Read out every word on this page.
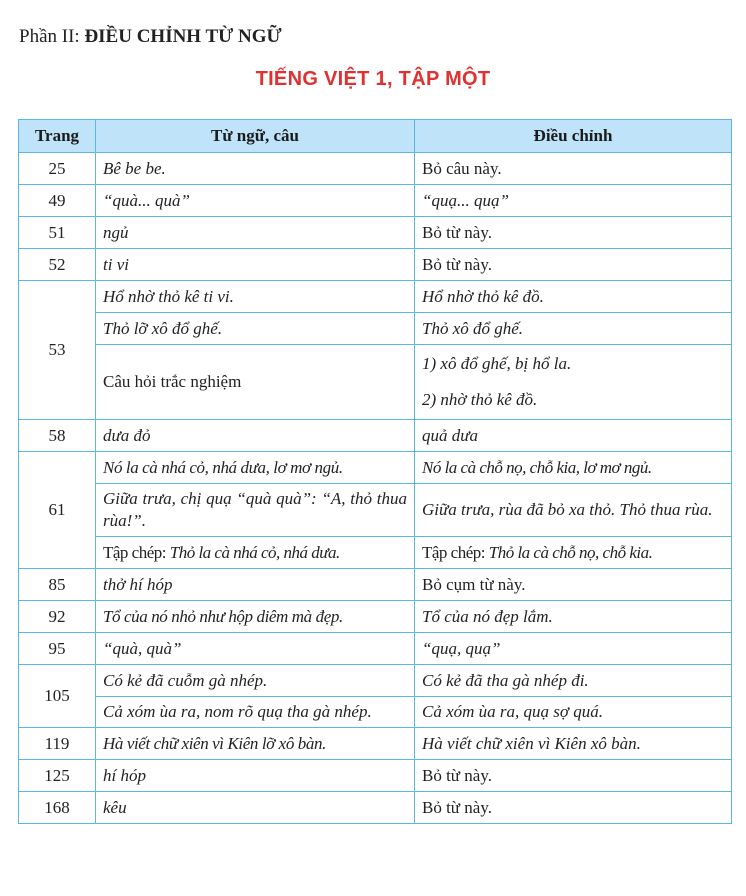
Phần II: ĐIỀU CHỈNH TỪ NGỮ
TIẾNG VIỆT 1, TẬP MỘT
Trang	Từ ngữ, câu	Điều chỉnh
25	Bê be be.	Bỏ câu này.
49	“quà... quà”	“quạ... quạ”
51	ngủ	Bỏ từ này.
52	ti vi	Bỏ từ này.
53	Hổ nhờ thỏ kê ti vi.	Hổ nhờ thỏ kê đồ.
	Thỏ lỡ xô đổ ghế.	Thỏ xô đổ ghế.
	Câu hỏi trắc nghiệm	1) xô đổ ghế, bị hổ la.
2) nhờ thỏ kê đồ.

58	dưa đỏ	quả dưa
61	Nó la cà nhá cỏ, nhá dưa, lơ mơ ngủ.	Nó la cà chỗ nọ, chỗ kia, lơ mơ ngủ.
	Giữa trưa, chị quạ “quà quà”: “A, thỏ thua rùa!”.	Giữa trưa, rùa đã bỏ xa thỏ. Thỏ thua rùa.
	Tập chép: Thỏ la cà nhá cỏ, nhá dưa.	Tập chép: Thỏ la cà chỗ nọ, chỗ kia.
85	thở hí hóp	Bỏ cụm từ này.
92	Tổ của nó nhỏ như hộp diêm mà đẹp.	Tổ của nó đẹp lắm.
95	“quà, quà”	“quạ, quạ”
105	Có kẻ đã cuỗm gà nhép.	Có kẻ đã tha gà nhép đi.
	Cả xóm ùa ra, nom rõ quạ tha gà nhép.	Cả xóm ùa ra, quạ sợ quá.
119	Hà viết chữ xiên vì Kiên lỡ xô bàn.	Hà viết chữ xiên vì Kiên xô bàn.
125	hí hóp	Bỏ từ này.
168	kêu	Bỏ từ này.
